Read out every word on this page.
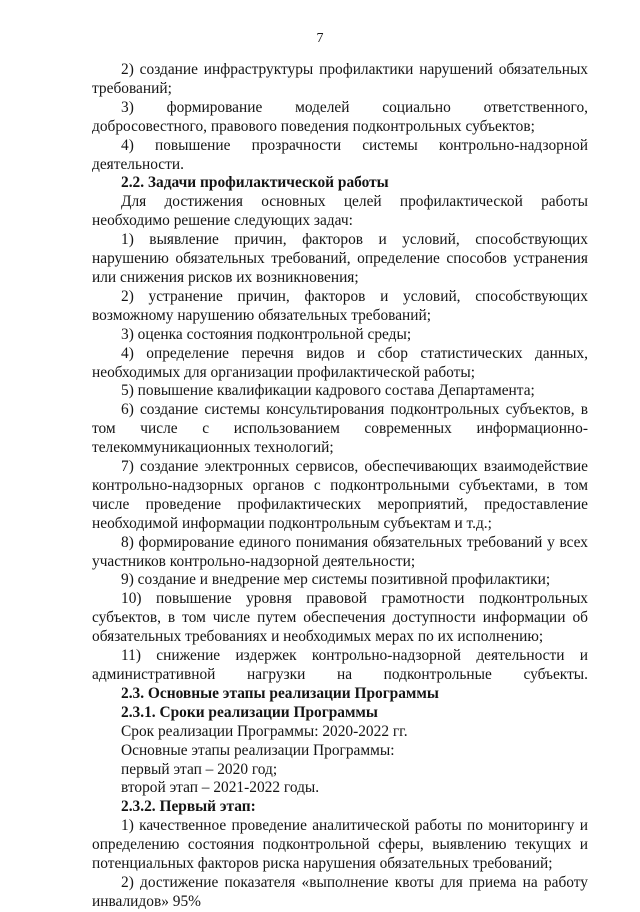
7

2) создание инфраструктуры профилактики нарушений обязательных требований;

3) формирование моделей социально ответственного, добросовестного, правового поведения подконтрольных субъектов;

4) повышение прозрачности системы контрольно-надзорной деятельности.

2.2. Задачи профилактической работы

Для достижения основных целей профилактической работы необходимо решение следующих задач:

1) выявление причин, факторов и условий, способствующих нарушению обязательных требований, определение способов устранения или снижения рисков их возникновения;

2) устранение причин, факторов и условий, способствующих возможному нарушению обязательных требований;

3) оценка состояния подконтрольной среды;

4) определение перечня видов и сбор статистических данных, необходимых для организации профилактической работы;

5) повышение квалификации кадрового состава Департамента;

6) создание системы консультирования подконтрольных субъектов, в том числе с использованием современных информационно-телекоммуникационных технологий;

7) создание электронных сервисов, обеспечивающих взаимодействие контрольно-надзорных органов с подконтрольными субъектами, в том числе проведение профилактических мероприятий, предоставление необходимой информации подконтрольным субъектам и т.д.;

8) формирование единого понимания обязательных требований у всех участников контрольно-надзорной деятельности;

9) создание и внедрение мер системы позитивной профилактики;

10) повышение уровня правовой грамотности подконтрольных субъектов, в том числе путем обеспечения доступности информации об обязательных требованиях и необходимых мерах по их исполнению;

11) снижение издержек контрольно-надзорной деятельности и административной нагрузки на подконтрольные субъекты.

2.3. Основные этапы реализации Программы

2.3.1. Сроки реализации Программы

Срок реализации Программы: 2020-2022 гг.

Основные этапы реализации Программы:

первый этап – 2020 год;

второй этап – 2021-2022 годы.

2.3.2. Первый этап:

1) качественное проведение аналитической работы по мониторингу и определению состояния подконтрольной сферы, выявлению текущих и потенциальных факторов риска нарушения обязательных требований;

2) достижение показателя «выполнение квоты для приема на работу инвалидов» 95%
